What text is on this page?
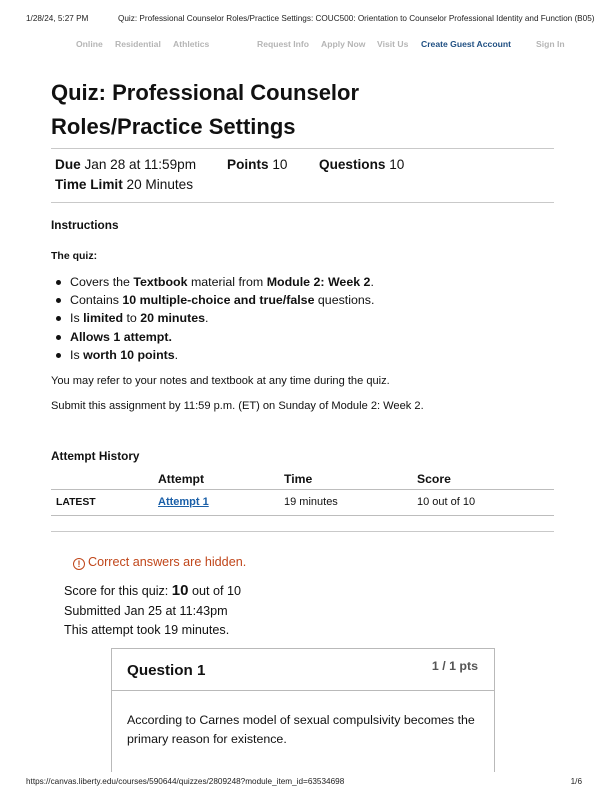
1/28/24, 5:27 PM	Quiz: Professional Counselor Roles/Practice Settings: COUC500: Orientation to Counselor Professional Identity and Function (B05)
Online Residential Athletics	Request Info Apply Now Visit Us Create Guest Account	Sign In
Quiz: Professional Counselor Roles/Practice Settings
Due Jan 28 at 11:59pm Points 10 Questions 10
Time Limit 20 Minutes
Instructions
The quiz:
Covers the Textbook material from Module 2: Week 2.
Contains 10 multiple-choice and true/false questions.
Is limited to 20 minutes.
Allows 1 attempt.
Is worth 10 points.
You may refer to your notes and textbook at any time during the quiz.
Submit this assignment by 11:59 p.m. (ET) on Sunday of Module 2: Week 2.
Attempt History
	Attempt	Time	Score
LATEST	Attempt 1	19 minutes	10 out of 10
! Correct answers are hidden.
Score for this quiz: 10 out of 10
Submitted Jan 25 at 11:43pm
This attempt took 19 minutes.
Question 1	1 / 1 pts
According to Carnes model of sexual compulsivity becomes the primary reason for existence.
https://canvas.liberty.edu/courses/590644/quizzes/2809248?module_item_id=63534698	1/6
